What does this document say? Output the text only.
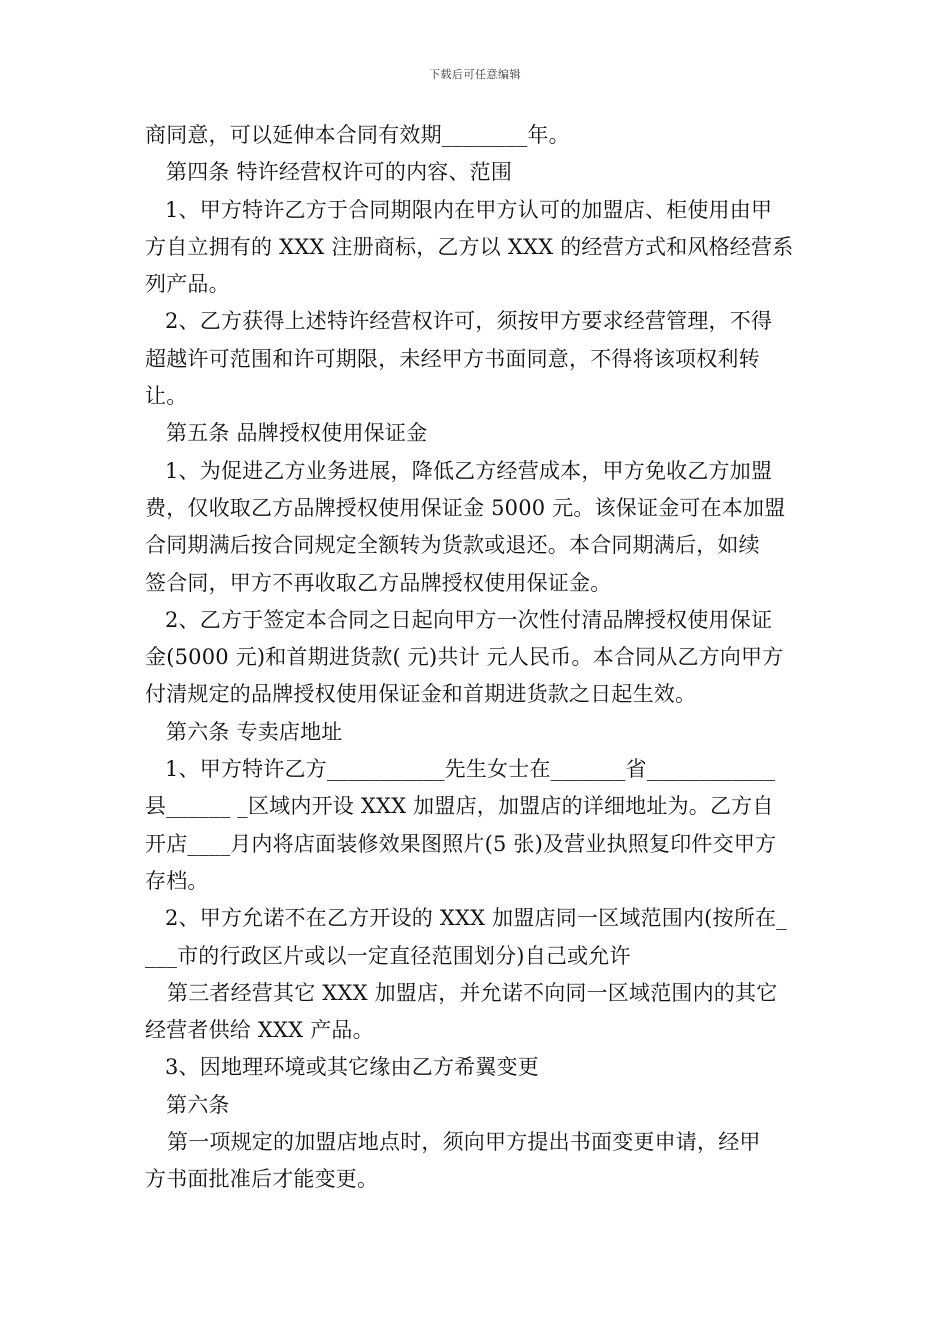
下载后可任意编辑
商同意，可以延伸本合同有效期________年。
第四条 特许经营权许可的内容、范围
1、甲方特许乙方于合同期限内在甲方认可的加盟店、柜使用由甲
方自立拥有的 XXX 注册商标，乙方以 XXX 的经营方式和风格经营系
列产品。
2、乙方获得上述特许经营权许可，须按甲方要求经营管理，不得
超越许可范围和许可期限，未经甲方书面同意，不得将该项权利转
让。
第五条 品牌授权使用保证金
1、为促进乙方业务进展，降低乙方经营成本，甲方免收乙方加盟
费，仅收取乙方品牌授权使用保证金 5000 元。该保证金可在本加盟
合同期满后按合同规定全额转为货款或退还。本合同期满后，如续
签合同，甲方不再收取乙方品牌授权使用保证金。
2、乙方于签定本合同之日起向甲方一次性付清品牌授权使用保证
金(5000 元)和首期进货款( 元)共计 元人民币。本合同从乙方向甲方
付清规定的品牌授权使用保证金和首期进货款之日起生效。
第六条 专卖店地址
1、甲方特许乙方___________先生女士在_______省____________
县______ _区域内开设 XXX 加盟店，加盟店的详细地址为。乙方自
开店____月内将店面装修效果图照片(5 张)及营业执照复印件交甲方
存档。
2、甲方允诺不在乙方开设的 XXX 加盟店同一区域范围内(按所在_
___市的行政区片或以一定直径范围划分)自己或允许
第三者经营其它 XXX 加盟店，并允诺不向同一区域范围内的其它
经营者供给 XXX 产品。
3、因地理环境或其它缘由乙方希翼变更
第六条
第一项规定的加盟店地点时，须向甲方提出书面变更申请，经甲
方书面批准后才能变更。
